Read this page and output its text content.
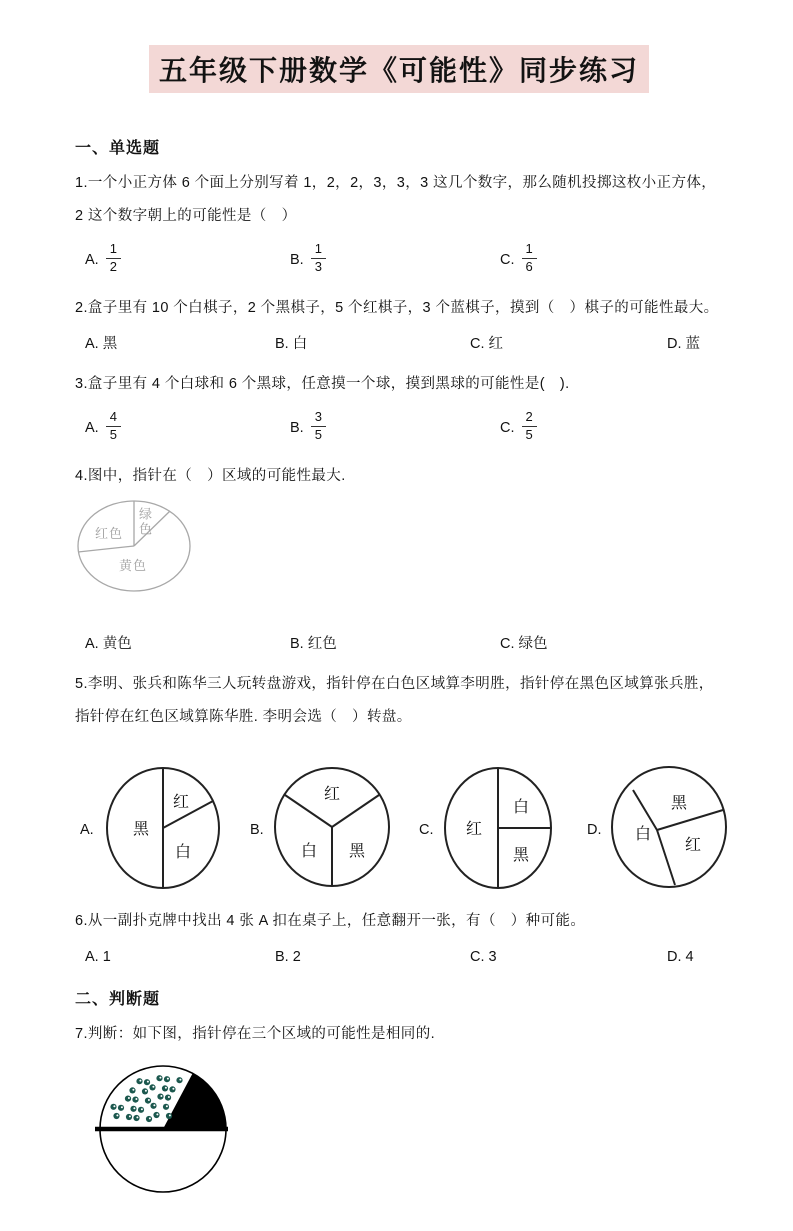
五年级下册数学《可能性》同步练习
一、单选题

1.一个小正方体 6 个面上分别写着 1，2，2，3，3，3 这几个数字，那么随机投掷这枚小正方体，2 这个数字朝上的可能性是（　）

A. $\frac{1}{2}$	B. $\frac{1}{3}$	C. $\frac{1}{6}$

2.盒子里有 10 个白棋子，2 个黑棋子，5 个红棋子，3 个蓝棋子，摸到（　）棋子的可能性最大。

A. 黑	B. 白	C. 红	D. 蓝

3.盒子里有 4 个白球和 6 个黑球，任意摸一个球，摸到黑球的可能性是(　).

A. $\frac{4}{5}$	B. $\frac{3}{5}$	C. $\frac{2}{5}$

4.图中，指针在（　）区域的可能性最大.

红色 绿色
黄色
A. 黄色	B. 红色	C. 绿色

5.李明、张兵和陈华三人玩转盘游戏，指针停在白色区域算李明胜，指针停在黑色区域算张兵胜，指针停在红色区域算陈华胜. 李明会选（　）转盘。

A. 黑
红
白
B.
红
白 黑
C. 红
白
黑
D. 白
黑
红

6.从一副扑克牌中找出 4 张 A 扣在桌子上，任意翻开一张，有（　）种可能。

A. 1	B. 2	C. 3	D. 4
二、判断题

7.判断：如下图，指针停在三个区域的可能性是相同的.
